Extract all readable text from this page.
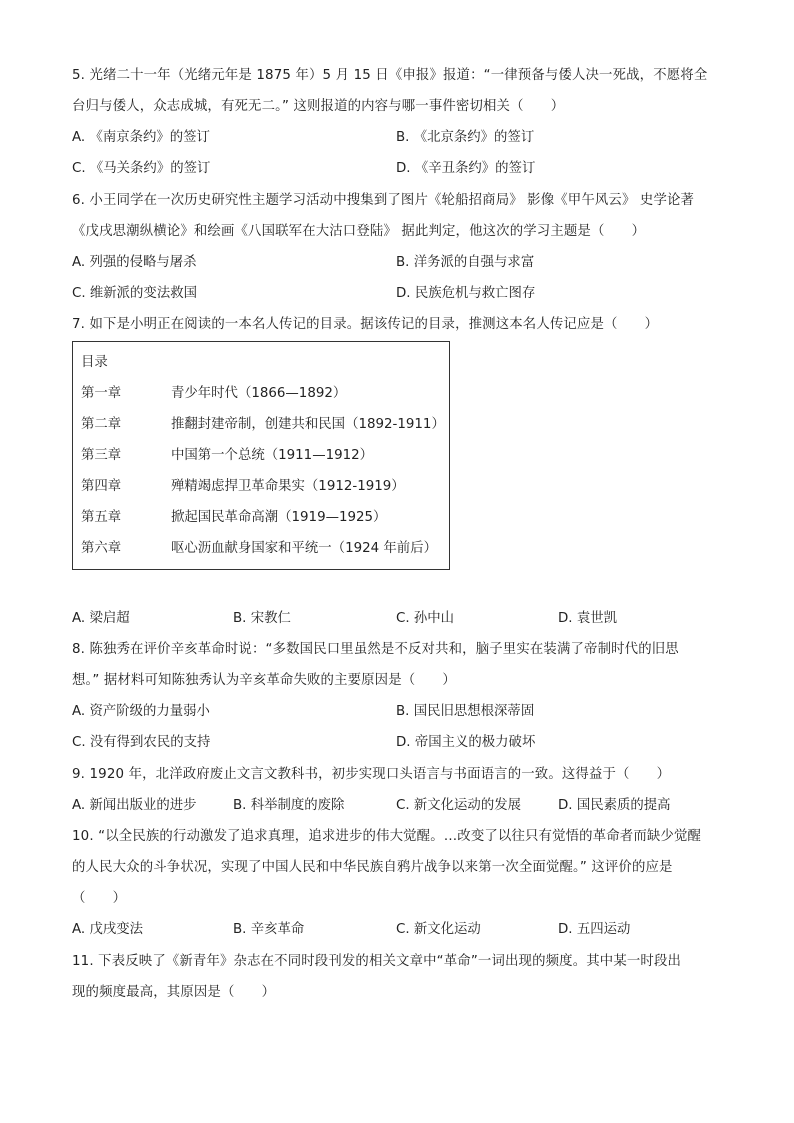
5. 光绪二十一年（光绪元年是 1875 年）5 月 15 日《申报》报道：“一律预备与倭人决一死战，不愿将全
台归与倭人，众志成城，有死无二。” 这则报道的内容与哪一事件密切相关（　　）
A. 《南京条约》的签订	B. 《北京条约》的签订
C. 《马关条约》的签订	D. 《辛丑条约》的签订
6. 小王同学在一次历史研究性主题学习活动中搜集到了图片《轮船招商局》 影像《甲午风云》 史学论著
《戊戌思潮纵横论》和绘画《八国联军在大沽口登陆》 据此判定，他这次的学习主题是（　　）
A. 列强的侵略与屠杀	B. 洋务派的自强与求富
C. 维新派的变法救国	D. 民族危机与救亡图存
7. 如下是小明正在阅读的一本名人传记的目录。据该传记的目录，推测这本名人传记应是（　　）
目录
第一章	青少年时代（1866—1892）
第二章	推翻封建帝制，创建共和民国（1892-1911）
第三章	中国第一个总统（1911—1912）
第四章	殚精竭虑捍卫革命果实（1912-1919）
第五章	掀起国民革命高潮（1919—1925）
第六章	呕心沥血献身国家和平统一（1924 年前后）
A. 梁启超	B. 宋教仁	C. 孙中山	D. 袁世凯
8. 陈独秀在评价辛亥革命时说：“多数国民口里虽然是不反对共和，脑子里实在装满了帝制时代的旧思
想。” 据材料可知陈独秀认为辛亥革命失败的主要原因是（　　）
A. 资产阶级的力量弱小	B. 国民旧思想根深蒂固
C. 没有得到农民的支持	D. 帝国主义的极力破坏
9. 1920 年，北洋政府废止文言文教科书，初步实现口头语言与书面语言的一致。这得益于（　　）
A. 新闻出版业的进步	B. 科举制度的废除	C. 新文化运动的发展	D. 国民素质的提高
10. “以全民族的行动激发了追求真理，追求进步的伟大觉醒。…改变了以往只有觉悟的革命者而缺少觉醒
的人民大众的斗争状况，实现了中国人民和中华民族自鸦片战争以来第一次全面觉醒。” 这评价的应是
（　　）
A. 戊戌变法	B. 辛亥革命	C. 新文化运动	D. 五四运动
11. 下表反映了《新青年》杂志在不同时段刊发的相关文章中“革命”一词出现的频度。其中某一时段出
现的频度最高，其原因是（　　）
